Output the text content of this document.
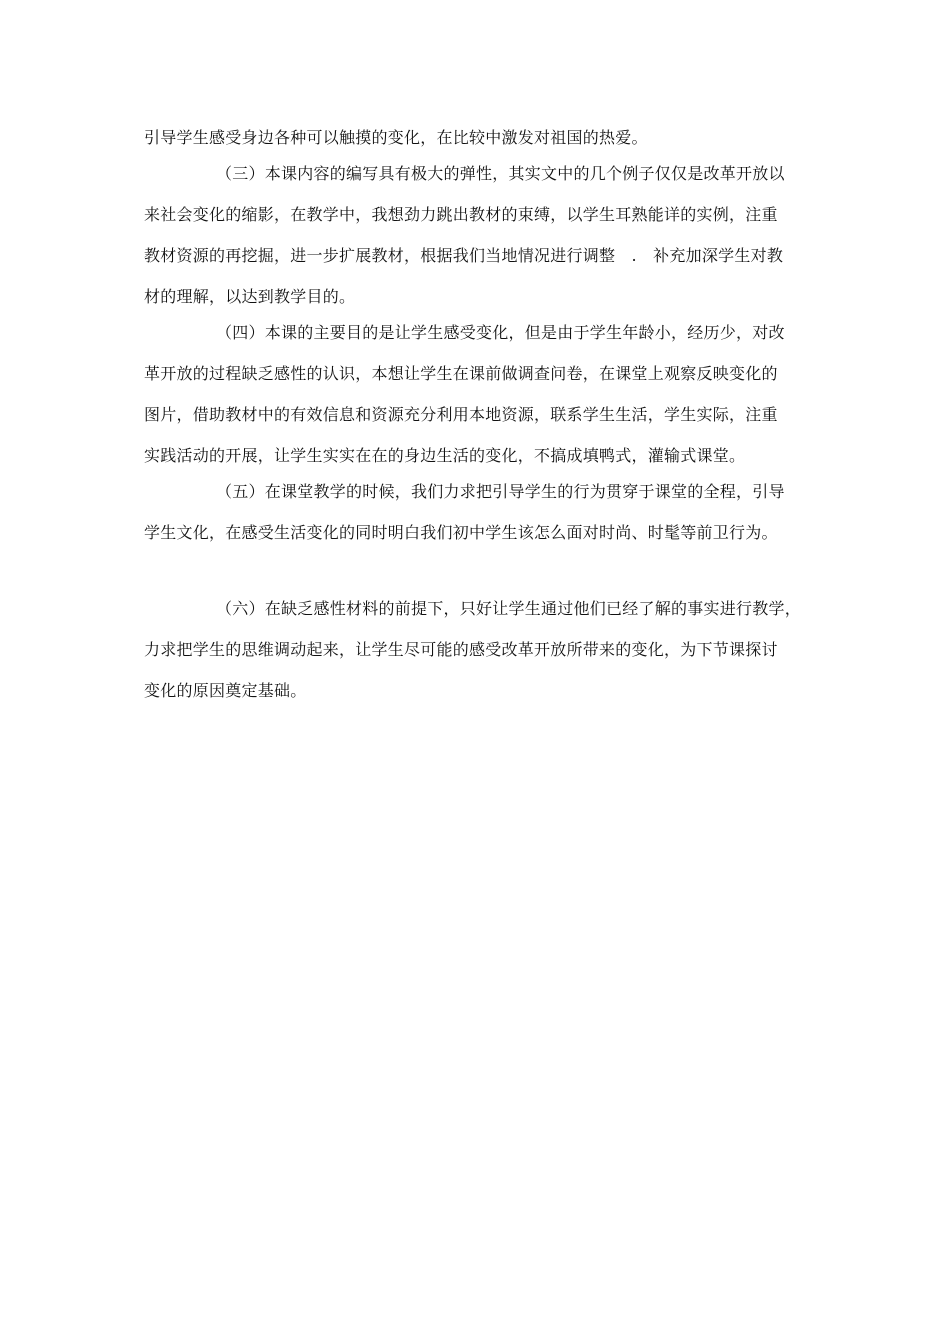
引导学生感受身边各种可以触摸的变化，在比较中激发对祖国的热爱。
（三）本课内容的编写具有极大的弹性，其实文中的几个例子仅仅是改革开放以
来社会变化的缩影，在教学中，我想劲力跳出教材的束缚，以学生耳熟能详的实例，注重
教材资源的再挖掘，进一步扩展教材，根据我们当地情况进行调整　.　补充加深学生对教
材的理解，以达到教学目的。
（四）本课的主要目的是让学生感受变化，但是由于学生年龄小，经历少，对改
革开放的过程缺乏感性的认识，本想让学生在课前做调查问卷，在课堂上观察反映变化的
图片，借助教材中的有效信息和资源充分利用本地资源，联系学生生活，学生实际，注重
实践活动的开展，让学生实实在在的身边生活的变化，不搞成填鸭式，灌输式课堂。
（五）在课堂教学的时候，我们力求把引导学生的行为贯穿于课堂的全程，引导
学生文化，在感受生活变化的同时明白我们初中学生该怎么面对时尚、时髦等前卫行为。
（六）在缺乏感性材料的前提下，只好让学生通过他们已经了解的事实进行教学，
力求把学生的思维调动起来，让学生尽可能的感受改革开放所带来的变化，为下节课探讨
变化的原因奠定基础。
